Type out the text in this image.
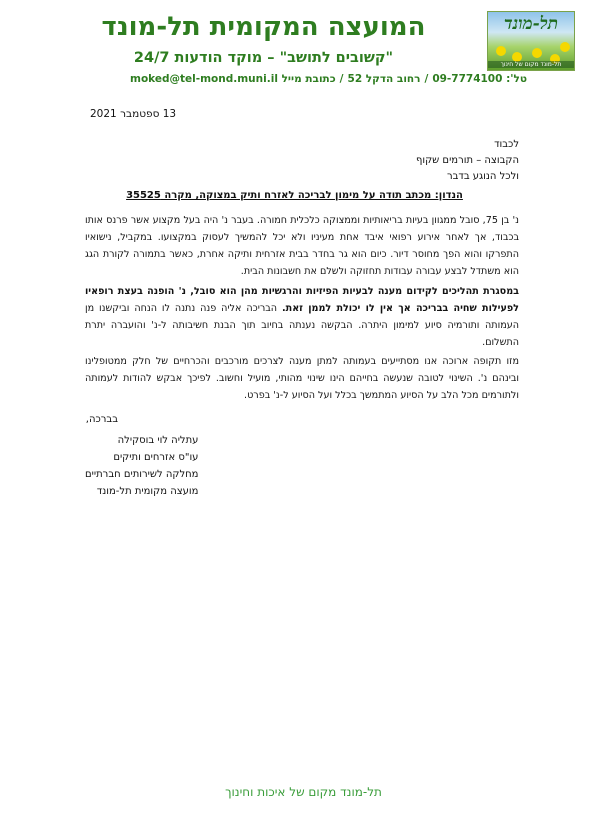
תל-מונד
תל-מונד מקום של חינוך
המועצה המקומית תל-מונד
"קשובים לתושב" – מוקד הודעות 24/7
טל': 09-7774100/רחוב הדקל 52/כתובת מייל moked@tel-mond.muni.il
13 ספטמבר 2021
לכבוד
הקבוצה – תורמים שקוף
ולכל הנוגע בדבר
הנדון: מכתב תודה על מימון לבריכה לאזרח ותיק במצוקה, מקרה 35525

נ' בן 75, סובל ממגוון בעיות בריאותיות וממצוקה כלכלית חמורה. בעבר נ' היה בעל מקצוע אשר פרנס אותו בכבוד, אך לאחר אירוע רפואי איבד אחת מעיניו ולא יכל להמשיך לעסוק במקצועו. במקביל, נישואיו התפרקו והוא הפך מחוסר דיור. כיום הוא גר בחדר בבית אזרחית ותיקה אחרת, כאשר בתמורה לקורת הגג הוא משתדל לבצע עבורה עבודות תחזוקה ולשלם את חשבונות הבית.

במסגרת תהליכים לקידום מענה לבעיות הפיזיות והרגשיות מהן הוא סובל, נ' הופנה בעצת רופאיו לפעילות שחיה בבריכה אך אין לו יכולת לממן זאת. הבריכה אליה פנה נתנה לו הנחה וביקשנו מן העמותה ותורמיה סיוע למימון היתרה. הבקשה נענתה בחיוב תוך הבנת חשיבותה ל-נ' והועברה יתרת התשלום.

מזו תקופה ארוכה אנו מסתייעים בעמותה למתן מענה לצרכים מורכבים והכרחיים של חלק ממטופלינו ובינהם נ'. השינוי לטובה שנעשה בחייהם הינו שינוי מהותי, מועיל וחשוב. לפיכך אבקש להודות לעמותה ולתורמים מכל הלב על הסיוע המתמשך בכלל ועל הסיוע ל-נ' בפרט.

בברכה,
עתליה לוי בוסקילה
עו"ס אזרחים ותיקים
מחלקה לשירותים חברתיים
מועצה מקומית תל-מונד
תל-מונד מקום של איכות וחינוך
